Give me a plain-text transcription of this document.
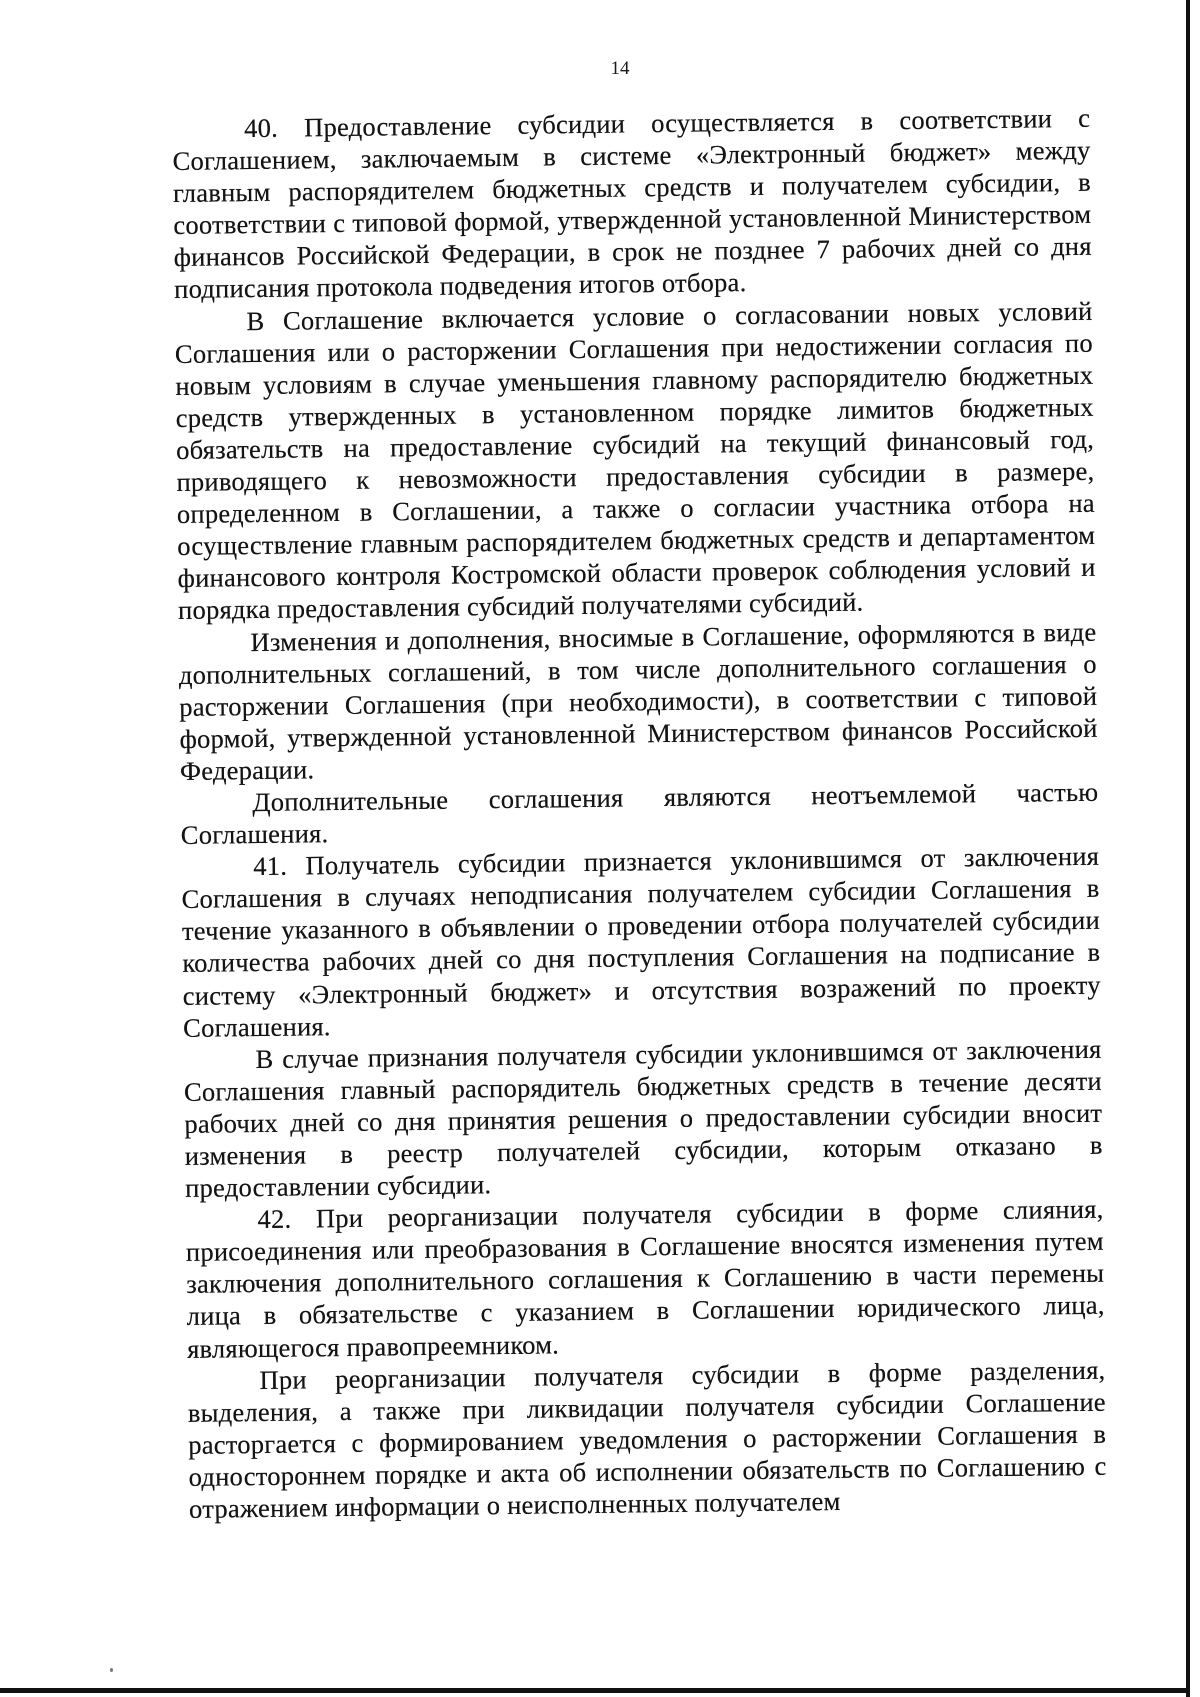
14

40. Предоставление субсидии осуществляется в соответствии с Соглашением, заключаемым в системе «Электронный бюджет» между главным распорядителем бюджетных средств и получателем субсидии, в соответствии с типовой формой, утвержденной установленной Министерством финансов Российской Федерации, в срок не позднее 7 рабочих дней со дня подписания протокола подведения итогов отбора.

В Соглашение включается условие о согласовании новых условий Соглашения или о расторжении Соглашения при недостижении согласия по новым условиям в случае уменьшения главному распорядителю бюджетных средств утвержденных в установленном порядке лимитов бюджетных обязательств на предоставление субсидий на текущий финансовый год, приводящего к невозможности предоставления субсидии в размере, определенном в Соглашении, а также о согласии участника отбора на осуществление главным распорядителем бюджетных средств и департаментом финансового контроля Костромской области проверок соблюдения условий и порядка предоставления субсидий получателями субсидий.

Изменения и дополнения, вносимые в Соглашение, оформляются в виде дополнительных соглашений, в том числе дополнительного соглашения о расторжении Соглашения (при необходимости), в соответствии с типовой формой, утвержденной установленной Министерством финансов Российской Федерации.

Дополнительные соглашения являются неотъемлемой частью Соглашения.

41. Получатель субсидии признается уклонившимся от заключения Соглашения в случаях неподписания получателем субсидии Соглашения в течение указанного в объявлении о проведении отбора получателей субсидии количества рабочих дней со дня поступления Соглашения на подписание в систему «Электронный бюджет» и отсутствия возражений по проекту Соглашения.

В случае признания получателя субсидии уклонившимся от заключения Соглашения главный распорядитель бюджетных средств в течение десяти рабочих дней со дня принятия решения о предоставлении субсидии вносит изменения в реестр получателей субсидии, которым отказано в предоставлении субсидии.

42. При реорганизации получателя субсидии в форме слияния, присоединения или преобразования в Соглашение вносятся изменения путем заключения дополнительного соглашения к Соглашению в части перемены лица в обязательстве с указанием в Соглашении юридического лица, являющегося правопреемником.

При реорганизации получателя субсидии в форме разделения, выделения, а также при ликвидации получателя субсидии Соглашение расторгается с формированием уведомления о расторжении Соглашения в одностороннем порядке и акта об исполнении обязательств по Соглашению с отражением информации о неисполненных получателем
